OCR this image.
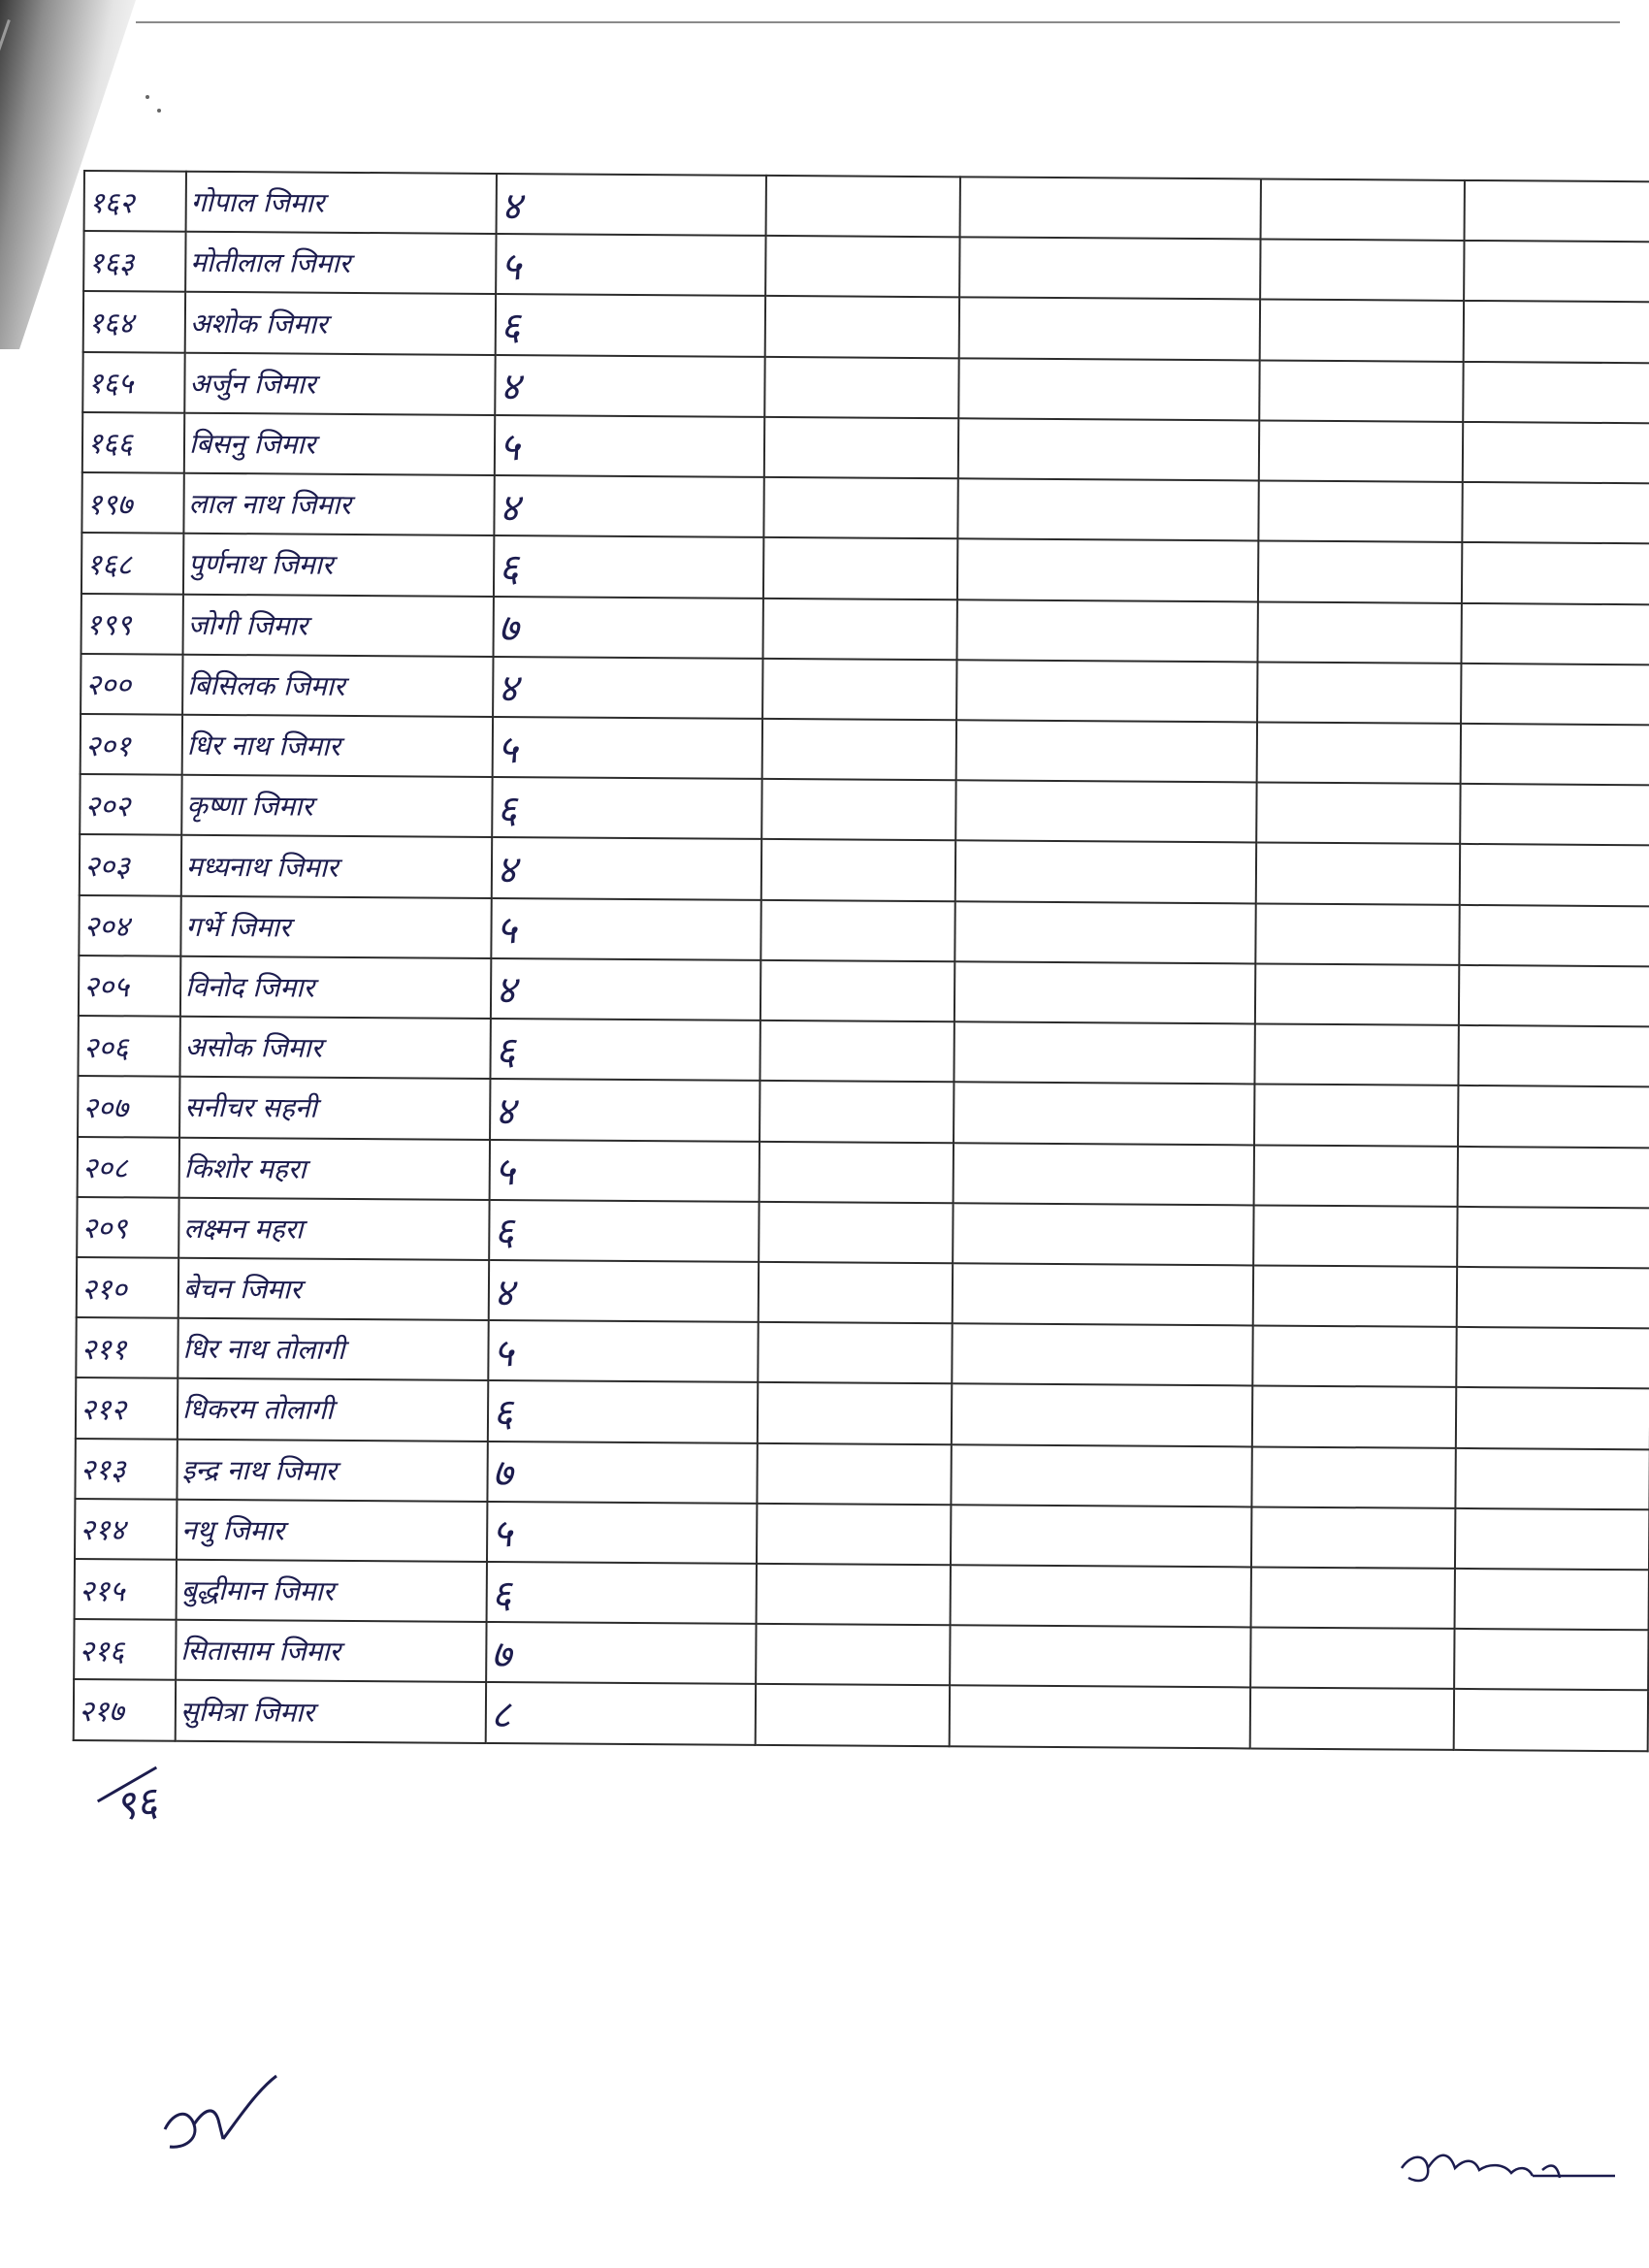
१६२	गोपाल जिमार	४				
१६३	मोतीलाल जिमार	५				
१६४	अशोक जिमार	६				
१६५	अर्जुन जिमार	४				
१६६	बिसनु जिमार	५				
१९७	लाल नाथ जिमार	४				
१६८	पुर्णनाथ जिमार	६				
१९९	जोगी जिमार	७				
२००	बिसिलक जिमार	४				
२०१	धिर नाथ जिमार	५				
२०२	कृष्णा जिमार	६				
२०३	मध्यनाथ जिमार	४				
२०४	गर्भे जिमार	५				
२०५	विनोद जिमार	४				
२०६	असोक जिमार	६				
२०७	सनीचर सहनी	४				
२०८	किशोर महरा	५				
२०९	लक्ष्मन महरा	६				
२१०	बेचन जिमार	४				
२११	धिर नाथ तोलागी	५				
२१२	धिकरम तोलागी	६				
२१३	इन्द्र नाथ जिमार	७				
२१४	नथु जिमार	५				
२१५	बुद्धीमान जिमार	६				
२१६	सितासाम जिमार	७				
२१७	सुमित्रा जिमार	८				
९६
